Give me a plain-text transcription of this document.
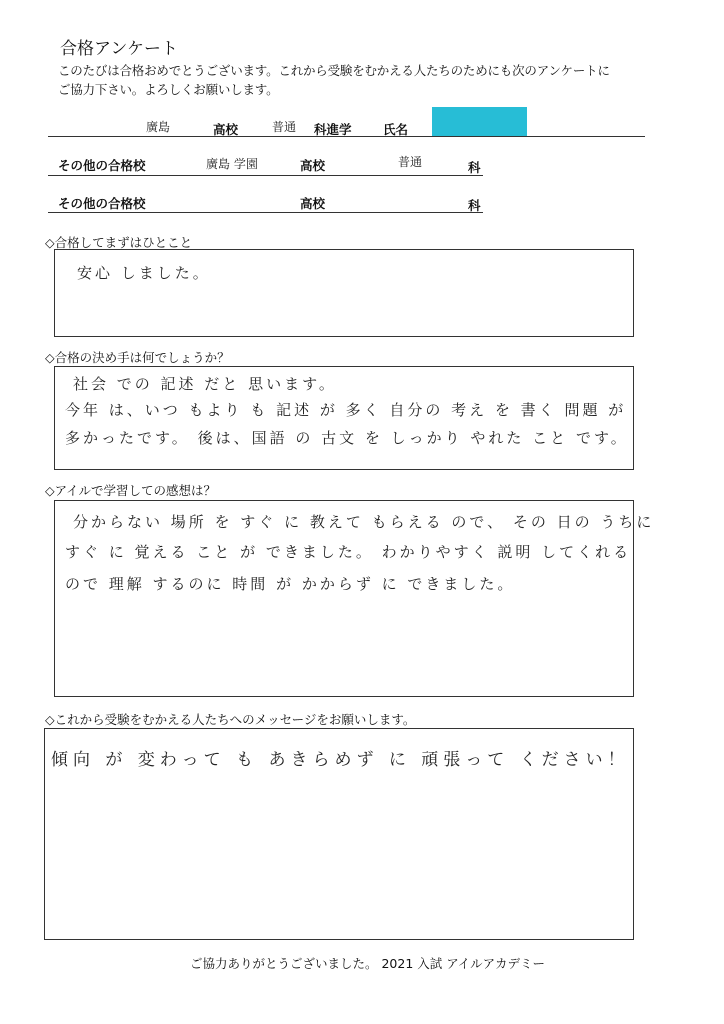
合格アンケート
このたびは合格おめでとうございます。これから受験をむかえる人たちのためにも次のアンケートに
ご協力下さい。よろしくお願いします。
廣島	高校	普通 科進学	氏名
その他の合格校	廣島 学園	高校	普通	科
その他の合格校	高校	科
◇合格してまずはひとこと
安心 しました。
◇合格の決め手は何でしょうか？
社会 での 記述 だと 思います。
今年 は、いつ もより も 記述 が 多く 自分の 考え を 書く 問題 が
多かったです。 後は、国語 の 古文 を しっかり やれた こと です。
◇アイルで学習しての感想は？
分からない 場所 を すぐ に 教えて もらえる ので、 その 日の うちに
すぐ に 覚える こと が できました。 わかりやすく 説明 してくれる
ので 理解 するのに 時間 が かからず に できました。
◇これから受験をむかえる人たちへのメッセージをお願いします。
傾向 が 変わって も あきらめず に 頑張って ください！
ご協力ありがとうございました。 2021 入試 アイルアカデミー
